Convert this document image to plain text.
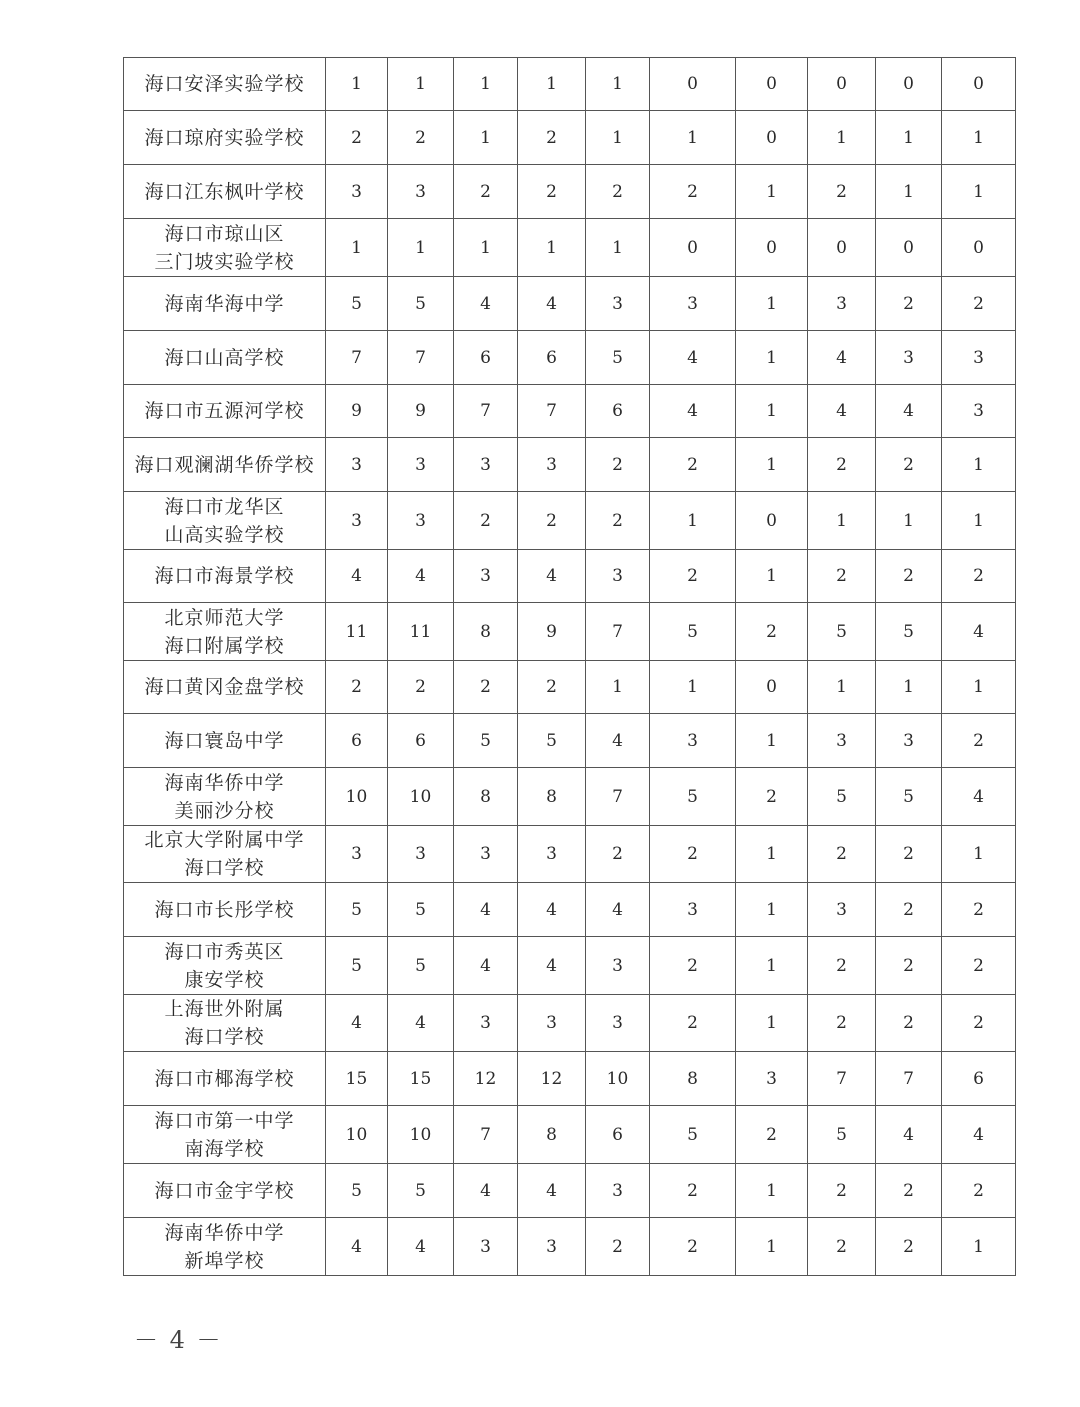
海口安泽实验学校	1	1	1	1	1	0	0	0	0	0
海口琼府实验学校	2	2	1	2	1	1	0	1	1	1
海口江东枫叶学校	3	3	2	2	2	2	1	2	1	1
海口市琼山区
三门坡实验学校	1	1	1	1	1	0	0	0	0	0
海南华海中学	5	5	4	4	3	3	1	3	2	2
海口山高学校	7	7	6	6	5	4	1	4	3	3
海口市五源河学校	9	9	7	7	6	4	1	4	4	3
海口观澜湖华侨学校	3	3	3	3	2	2	1	2	2	1
海口市龙华区
山高实验学校	3	3	2	2	2	1	0	1	1	1
海口市海景学校	4	4	3	4	3	2	1	2	2	2
北京师范大学
海口附属学校	11	11	8	9	7	5	2	5	5	4
海口黄冈金盘学校	2	2	2	2	1	1	0	1	1	1
海口寰岛中学	6	6	5	5	4	3	1	3	3	2
海南华侨中学
美丽沙分校	10	10	8	8	7	5	2	5	5	4
北京大学附属中学
海口学校	3	3	3	3	2	2	1	2	2	1
海口市长彤学校	5	5	4	4	4	3	1	3	2	2
海口市秀英区
康安学校	5	5	4	4	3	2	1	2	2	2
上海世外附属
海口学校	4	4	3	3	3	2	1	2	2	2
海口市椰海学校	15	15	12	12	10	8	3	7	7	6
海口市第一中学
南海学校	10	10	7	8	6	5	2	5	4	4
海口市金宇学校	5	5	4	4	3	2	1	2	2	2
海南华侨中学
新埠学校	4	4	3	3	2	2	1	2	2	1
－ 4 －
